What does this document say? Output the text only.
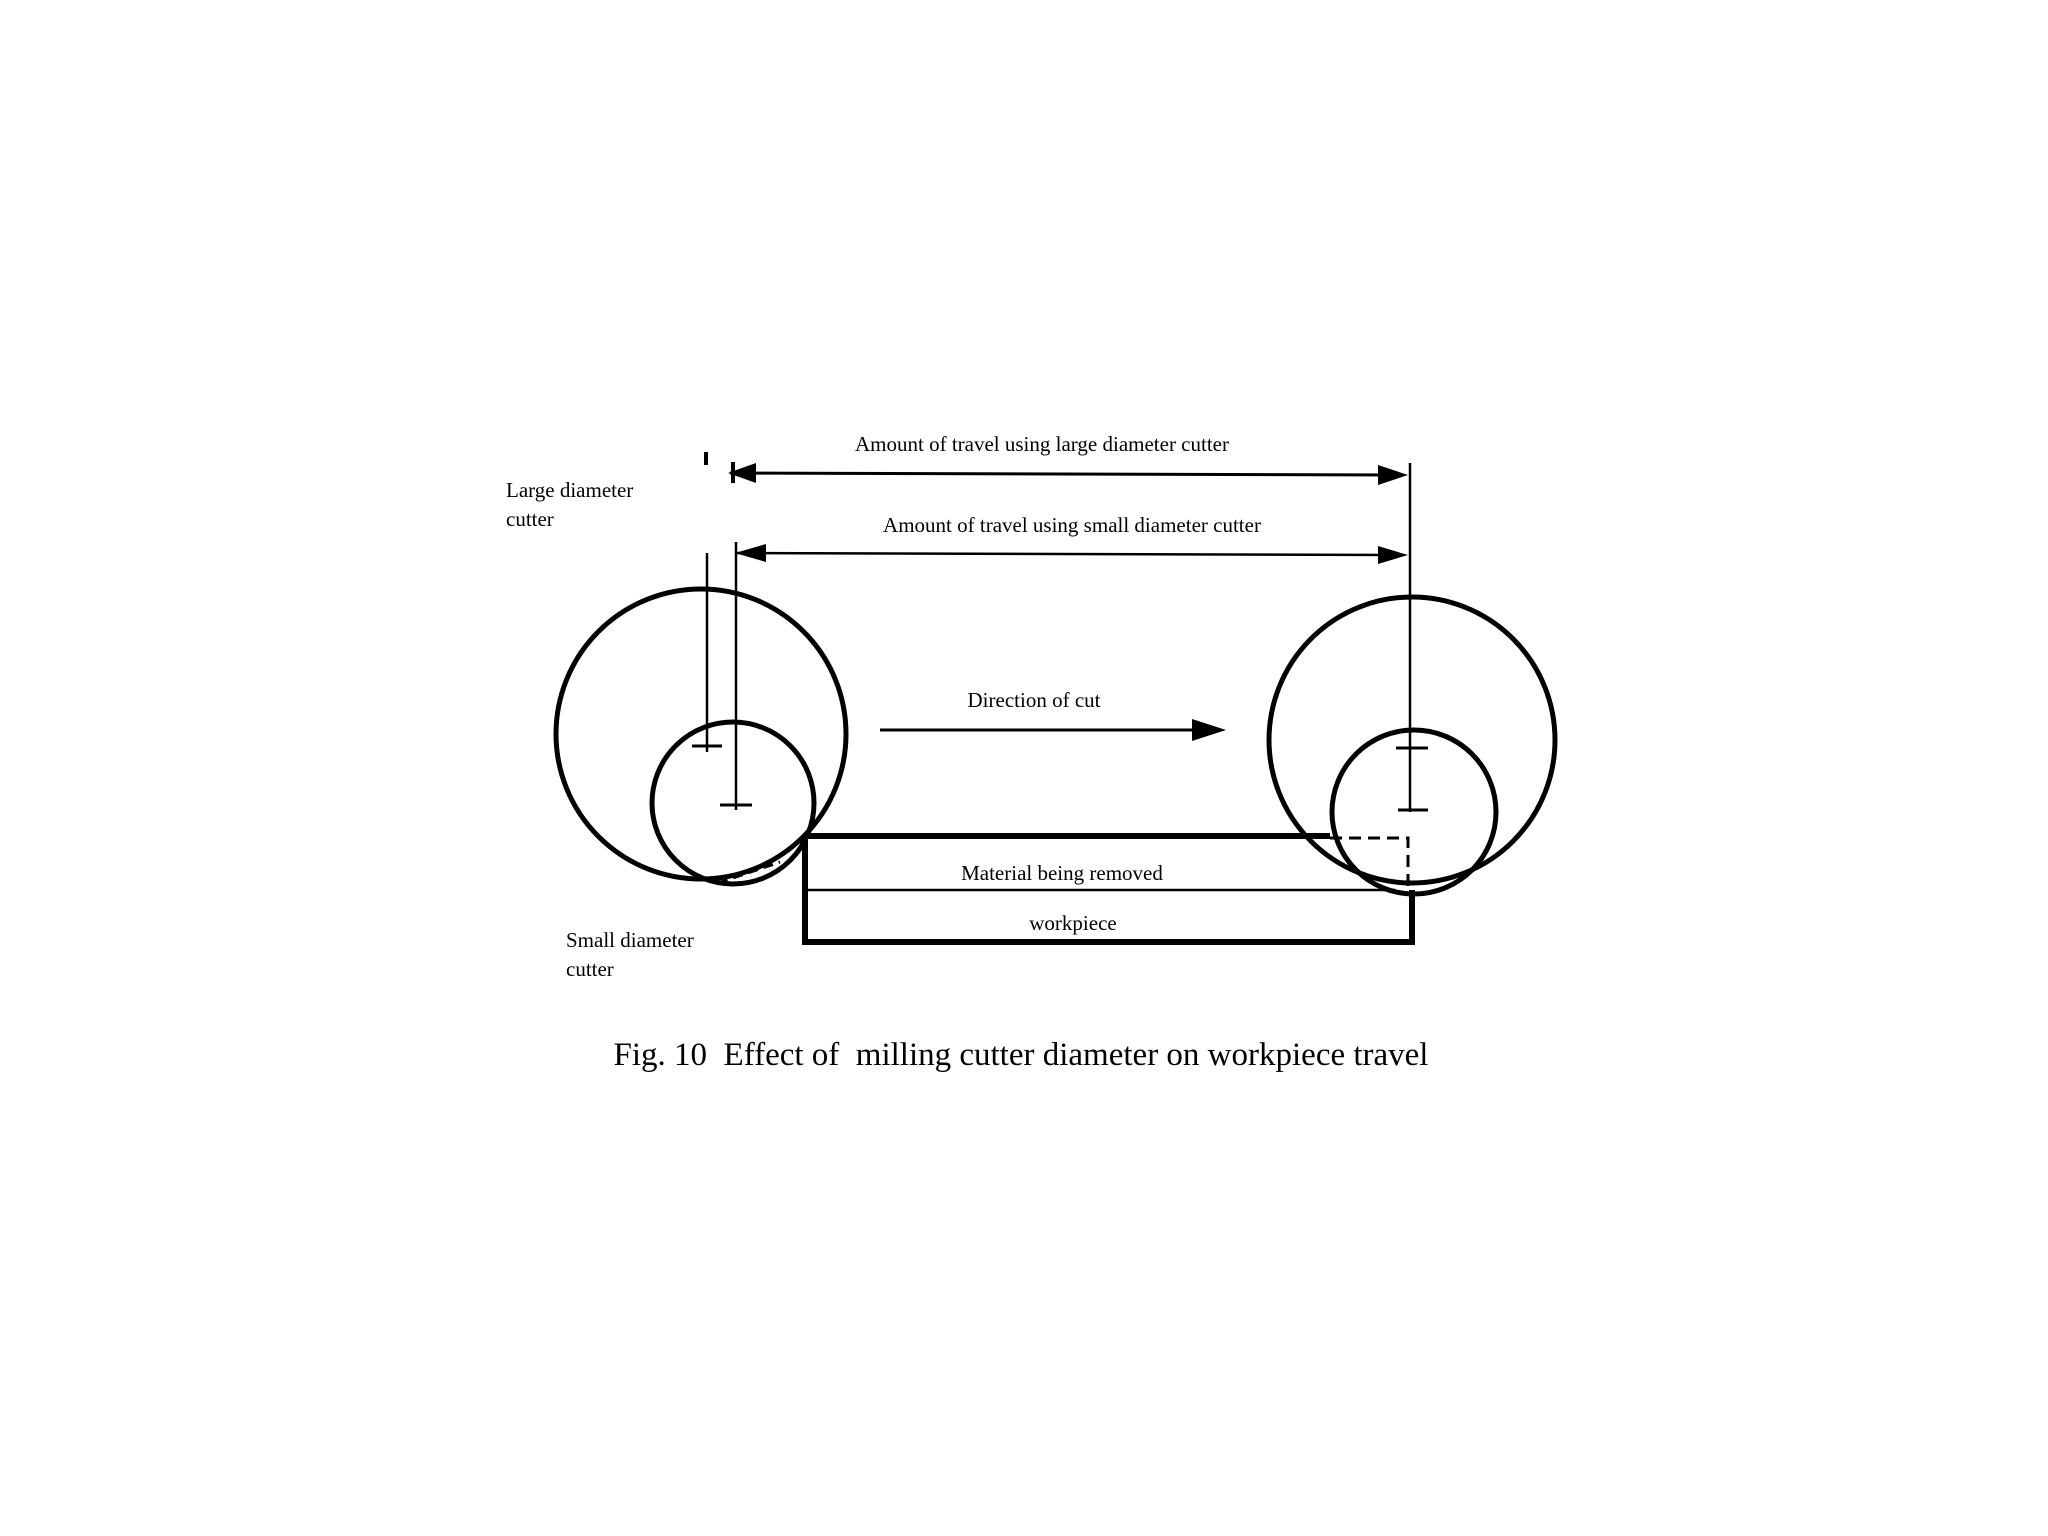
Amount of travel using large diameter cutter
Amount of travel using small diameter cutter
Large diameter
cutter
Direction of cut
Material being removed
workpiece
Small diameter
cutter
Fig. 10  Effect of  milling cutter diameter on workpiece travel
